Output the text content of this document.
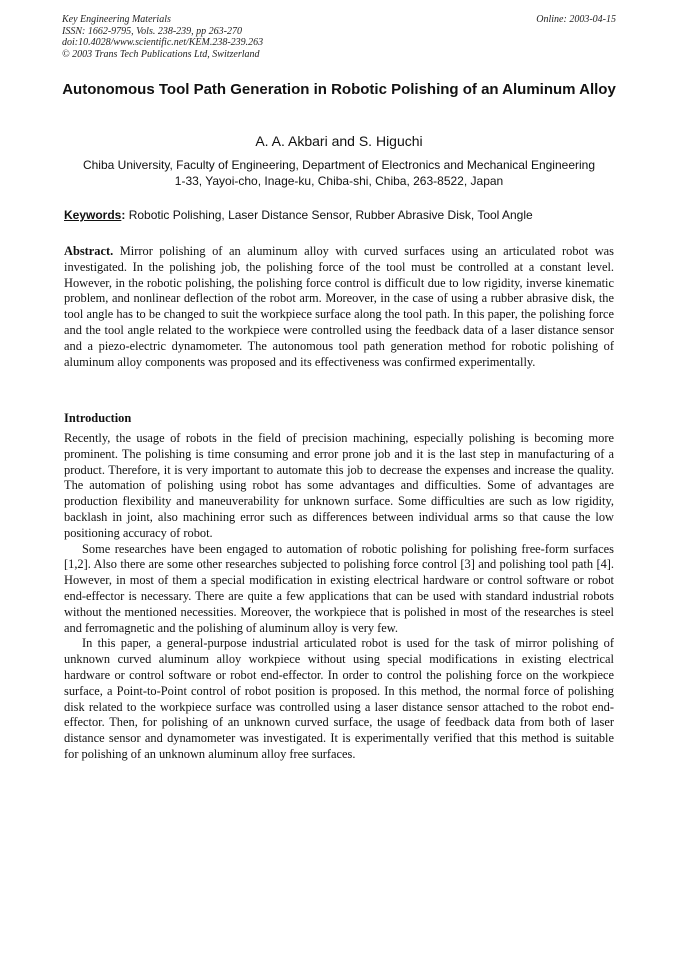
Key Engineering Materials
ISSN: 1662-9795, Vols. 238-239, pp 263-270
doi:10.4028/www.scientific.net/KEM.238-239.263
© 2003 Trans Tech Publications Ltd, Switzerland
Online: 2003-04-15
Autonomous Tool Path Generation in Robotic Polishing of an Aluminum Alloy
A. A. Akbari and S. Higuchi
Chiba University, Faculty of Engineering, Department of Electronics and Mechanical Engineering
1-33, Yayoi-cho, Inage-ku, Chiba-shi, Chiba, 263-8522, Japan
Keywords: Robotic Polishing, Laser Distance Sensor, Rubber Abrasive Disk, Tool Angle
Abstract. Mirror polishing of an aluminum alloy with curved surfaces using an articulated robot was investigated. In the polishing job, the polishing force of the tool must be controlled at a constant level. However, in the robotic polishing, the polishing force control is difficult due to low rigidity, inverse kinematic problem, and nonlinear deflection of the robot arm. Moreover, in the case of using a rubber abrasive disk, the tool angle has to be changed to suit the workpiece surface along the tool path. In this paper, the polishing force and the tool angle related to the workpiece were controlled using the feedback data of a laser distance sensor and a piezo-electric dynamometer. The autonomous tool path generation method for robotic polishing of aluminum alloy components was proposed and its effectiveness was confirmed experimentally.
Introduction

Recently, the usage of robots in the field of precision machining, especially polishing is becoming more prominent. The polishing is time consuming and error prone job and it is the last step in manufacturing of a product. Therefore, it is very important to automate this job to decrease the expenses and increase the quality. The automation of polishing using robot has some advantages and difficulties. Some of advantages are production flexibility and maneuverability for unknown surface. Some difficulties are such as low rigidity, backlash in joint, also machining error such as differences between individual arms so that cause the low positioning accuracy of robot.

Some researches have been engaged to automation of robotic polishing for polishing free-form surfaces [1,2]. Also there are some other researches subjected to polishing force control [3] and polishing tool path [4]. However, in most of them a special modification in existing electrical hardware or control software or robot end-effector is necessary. There are quite a few applications that can be used with standard industrial robots without the mentioned necessities. Moreover, the workpiece that is polished in most of the researches is steel and ferromagnetic and the polishing of aluminum alloy is very few.

In this paper, a general-purpose industrial articulated robot is used for the task of mirror polishing of unknown curved aluminum alloy workpiece without using special modifications in existing electrical hardware or control software or robot end-effector. In order to control the polishing force on the workpiece surface, a Point-to-Point control of robot position is proposed. In this method, the normal force of polishing disk related to the workpiece surface was controlled using a laser distance sensor attached to the robot end-effector. Then, for polishing of an unknown curved surface, the usage of feedback data from both of laser distance sensor and dynamometer was investigated. It is experimentally verified that this method is suitable for polishing of an unknown aluminum alloy free surfaces.
